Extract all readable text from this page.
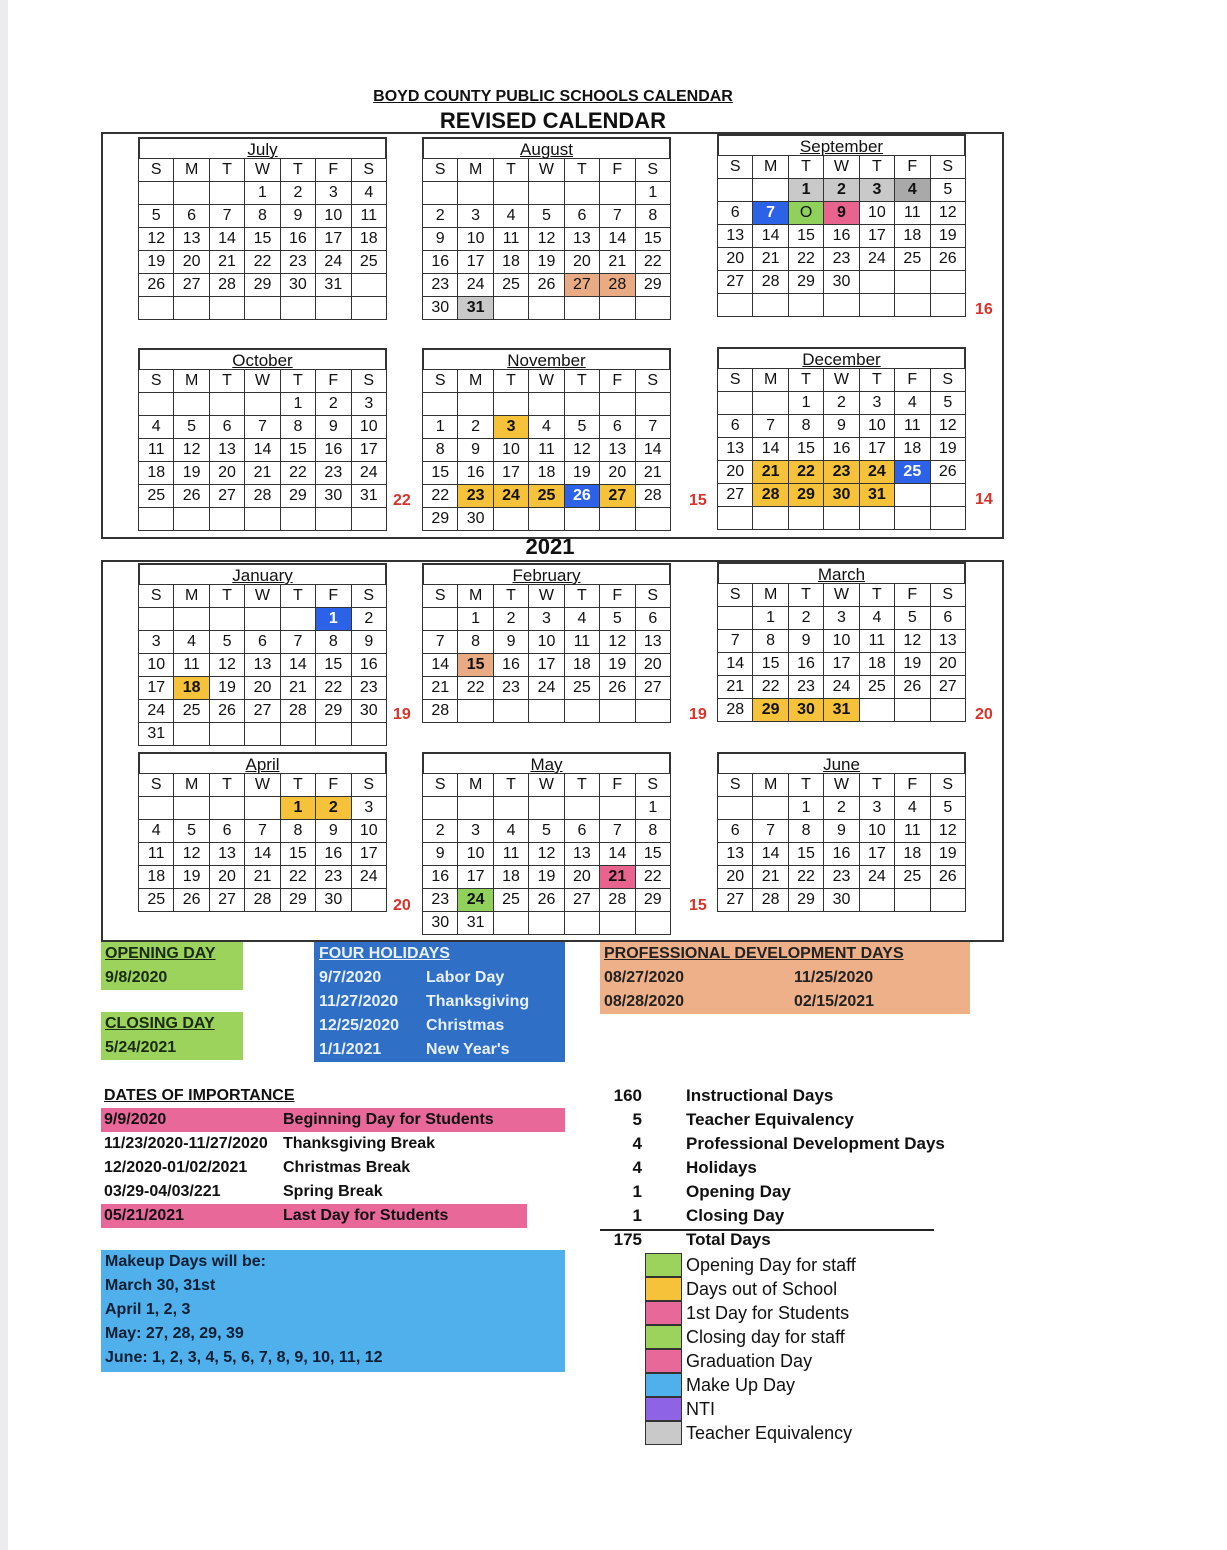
BOYD COUNTY PUBLIC SCHOOLS CALENDAR
REVISED CALENDAR
2021
July
S	M	T	W	T	F	S
			1	2	3	4
5	6	7	8	9	10	11
12	13	14	15	16	17	18
19	20	21	22	23	24	25
26	27	28	29	30	31	

August
S	M	T	W	T	F	S
						1
2	3	4	5	6	7	8
9	10	11	12	13	14	15
16	17	18	19	20	21	22
23	24	25	26	27	28	29
30	31					
September
S	M	T	W	T	F	S
		1	2	3	4	5
6	7	O	9	10	11	12
13	14	15	16	17	18	19
20	21	22	23	24	25	26
27	28	29	30			

16
October
S	M	T	W	T	F	S
				1	2	3
4	5	6	7	8	9	10
11	12	13	14	15	16	17
18	19	20	21	22	23	24
25	26	27	28	29	30	31
						22
November
S	M	T	W	T	F	S

1	2	3	4	5	6	7
8	9	10	11	12	13	14
15	16	17	18	19	20	21
22	23	24	25	26	27	28
29	30					
15
December
S	M	T	W	T	F	S
		1	2	3	4	5
6	7	8	9	10	11	12
13	14	15	16	17	18	19
20	21	22	23	24	25	26
27	28	29	30	31		
							14
January
S	M	T	W	T	F	S
					1	2
3	4	5	6	7	8	9
10	11	12	13	14	15	16
17	18	19	20	21	22	23
24	25	26	27	28	29	30
31						
19
February
S	M	T	W	T	F	S
	1	2	3	4	5	6
7	8	9	10	11	12	13
14	15	16	17	18	19	20
21	22	23	24	25	26	27
28							19
March
S	M	T	W	T	F	S
	1	2	3	4	5	6
7	8	9	10	11	12	13
14	15	16	17	18	19	20
21	22	23	24	25	26	27
28	29	30	31				20
April
S	M	T	W	T	F	S
				1	2	3
4	5	6	7	8	9	10
11	12	13	14	15	16	17
18	19	20	21	22	23	24
25	26	27	28	29	30		20
May
S	M	T	W	T	F	S
						1
2	3	4	5	6	7	8
9	10	11	12	13	14	15
16	17	18	19	20	21	22
23	24	25	26	27	28	29
30	31					
15
June
S	M	T	W	T	F	S
		1	2	3	4	5
6	7	8	9	10	11	12
13	14	15	16	17	18	19
20	21	22	23	24	25	26
27	28	29	30			
OPENING DAY
9/8/2020
CLOSING DAY
5/24/2021
FOUR HOLIDAYS
9/7/2020	Labor Day
11/27/2020 Thanksgiving
12/25/2020 Christmas
1/1/2021	New Year's
PROFESSIONAL DEVELOPMENT DAYS
08/27/2020	11/25/2020
08/28/2020	02/15/2021
DATES OF IMPORTANCE
9/9/2020	Beginning Day for Students
11/23/2020-11/27/2020 Thanksgiving Break
12/2020-01/02/2021 Christmas Break
03/29-04/03/221	Spring Break
05/21/2021	Last Day for Students
Makeup Days will be:
March 30, 31st
April 1, 2, 3
May: 27, 28, 29, 39
June: 1, 2, 3, 4, 5, 6, 7, 8, 9, 10, 11, 12
160	Instructional Days
5	Teacher Equivalency
4	Professional Development Days
4	Holidays
1	Opening Day
1	Closing Day
175	Total Days
Opening Day for staff
Days out of School
1st Day for Students
Closing day for staff
Graduation Day
Make Up Day
NTI
Teacher Equivalency
